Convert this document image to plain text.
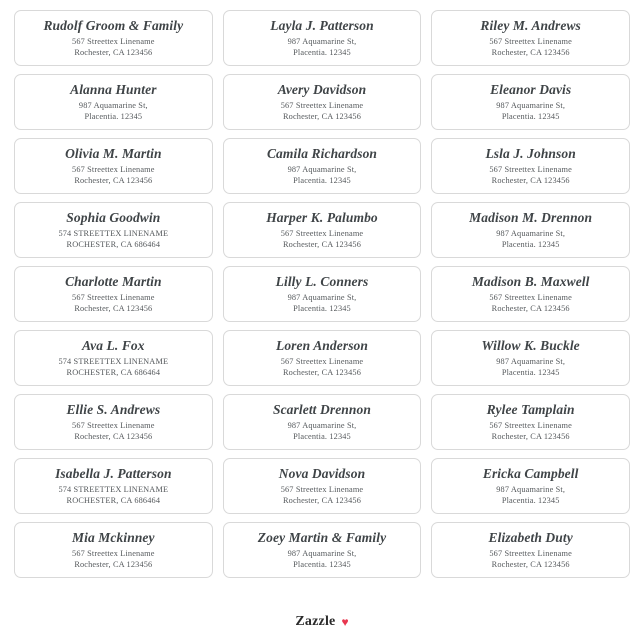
Rudolf Groom & Family
567 Streettex Linename
Rochester, CA 123456
Layla J. Patterson
987 Aquamarine St,
Placentia. 12345
Riley M. Andrews
567 Streettex Linename
Rochester, CA 123456
Alanna Hunter
987 Aquamarine St,
Placentia. 12345
Avery Davidson
567 Streettex Linename
Rochester, CA 123456
Eleanor Davis
987 Aquamarine St,
Placentia. 12345
Olivia M. Martin
567 Streettex Linename
Rochester, CA 123456
Camila Richardson
987 Aquamarine St,
Placentia. 12345
Lsla J. Johnson
567 Streettex Linename
Rochester, CA 123456
Sophia Goodwin
574 STREETTEX LINENAME
ROCHESTER, CA 686464
Harper K. Palumbo
567 Streettex Linename
Rochester, CA 123456
Madison M. Drennon
987 Aquamarine St,
Placentia. 12345
Charlotte Martin
567 Streettex Linename
Rochester, CA 123456
Lilly L. Conners
987 Aquamarine St,
Placentia. 12345
Madison B. Maxwell
567 Streettex Linename
Rochester, CA 123456
Ava L. Fox
574 STREETTEX LINENAME
ROCHESTER, CA 686464
Loren Anderson
567 Streettex Linename
Rochester, CA 123456
Willow K. Buckle
987 Aquamarine St,
Placentia. 12345
Ellie S. Andrews
567 Streettex Linename
Rochester, CA 123456
Scarlett Drennon
987 Aquamarine St,
Placentia. 12345
Rylee Tamplain
567 Streettex Linename
Rochester, CA 123456
Isabella J. Patterson
574 STREETTEX LINENAME
ROCHESTER, CA 686464
Nova Davidson
567 Streettex Linename
Rochester, CA 123456
Ericka Campbell
987 Aquamarine St,
Placentia. 12345
Mia Mckinney
567 Streettex Linename
Rochester, CA 123456
Zoey Martin & Family
987 Aquamarine St,
Placentia. 12345
Elizabeth Duty
567 Streettex Linename
Rochester, CA 123456
Zazzle ♥
